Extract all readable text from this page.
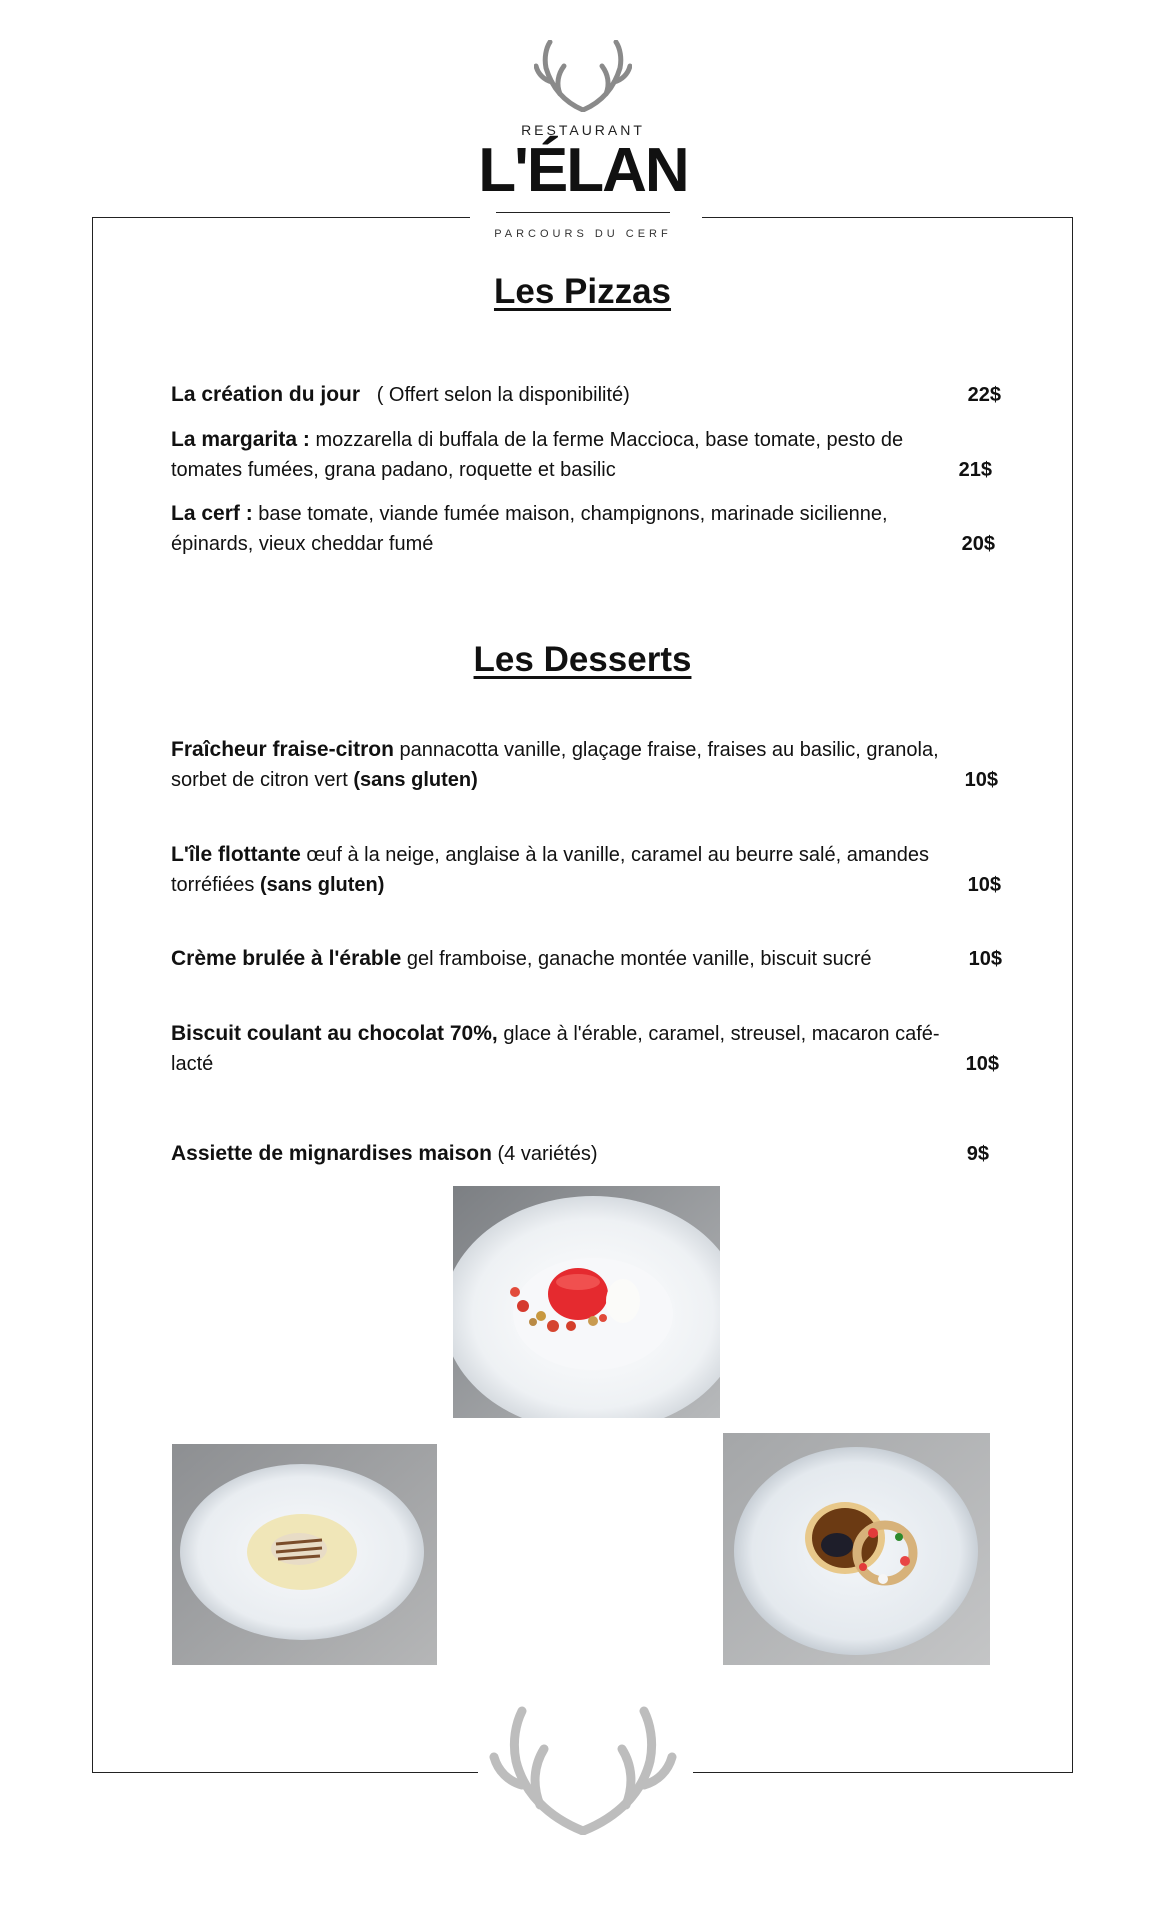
RESTAURANT
L'ÉLAN
PARCOURS DU CERF
Les Pizzas
La création du jour ( Offert selon la disponibilité)	22$
La margarita : mozzarella di buffala de la ferme Maccioca, base tomate, pesto de tomates fumées, grana padano, roquette et basilic	21$
La cerf : base tomate, viande fumée maison, champignons, marinade sicilienne, épinards, vieux cheddar fumé	20$
Les Desserts
Fraîcheur fraise-citron pannacotta vanille, glaçage fraise, fraises au basilic, granola, sorbet de citron vert (sans gluten)	10$
L'île flottante œuf à la neige, anglaise à la vanille, caramel au beurre salé, amandes torréfiées (sans gluten)	10$
Crème brulée à l'érable gel framboise, ganache montée vanille, biscuit sucré	10$
Biscuit coulant au chocolat 70%, glace à l'érable, caramel, streusel, macaron café-lacté	10$
Assiette de mignardises maison (4 variétés)	9$
